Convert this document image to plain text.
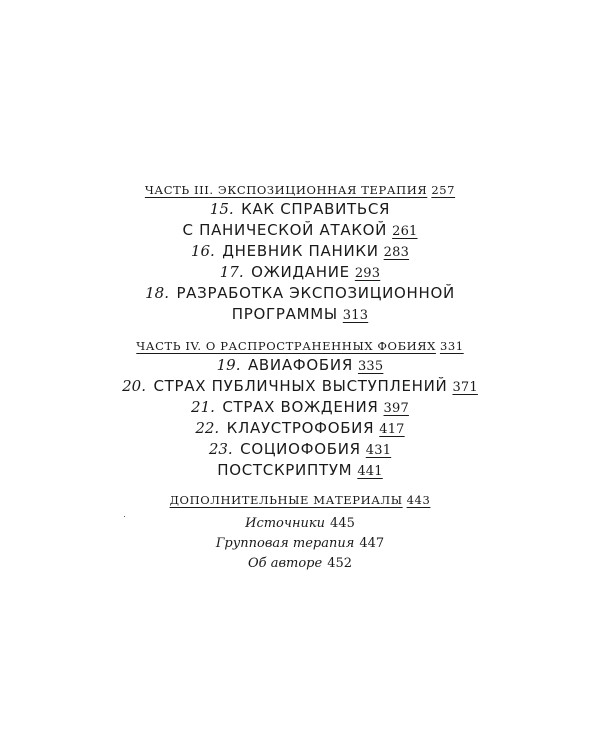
ЧАСТЬ III. ЭКСПОЗИЦИОННАЯ ТЕРАПИЯ 257
15. КАК СПРАВИТЬСЯ
С ПАНИЧЕСКОЙ АТАКОЙ 261
16. ДНЕВНИК ПАНИКИ 283
17. ОЖИДАНИЕ 293
18. РАЗРАБОТКА ЭКСПОЗИЦИОННОЙ
ПРОГРАММЫ 313
ЧАСТЬ IV. О РАСПРОСТРАНЕННЫХ ФОБИЯХ 331
19. АВИАФОБИЯ 335
20. СТРАХ ПУБЛИЧНЫХ ВЫСТУПЛЕНИЙ 371
21. СТРАХ ВОЖДЕНИЯ 397
22. КЛАУСТРОФОБИЯ 417
23. СОЦИОФОБИЯ 431
ПОСТСКРИПТУМ 441
ДОПОЛНИТЕЛЬНЫЕ МАТЕРИАЛЫ 443
Источники 445
Групповая терапия 447
Об авторе 452
